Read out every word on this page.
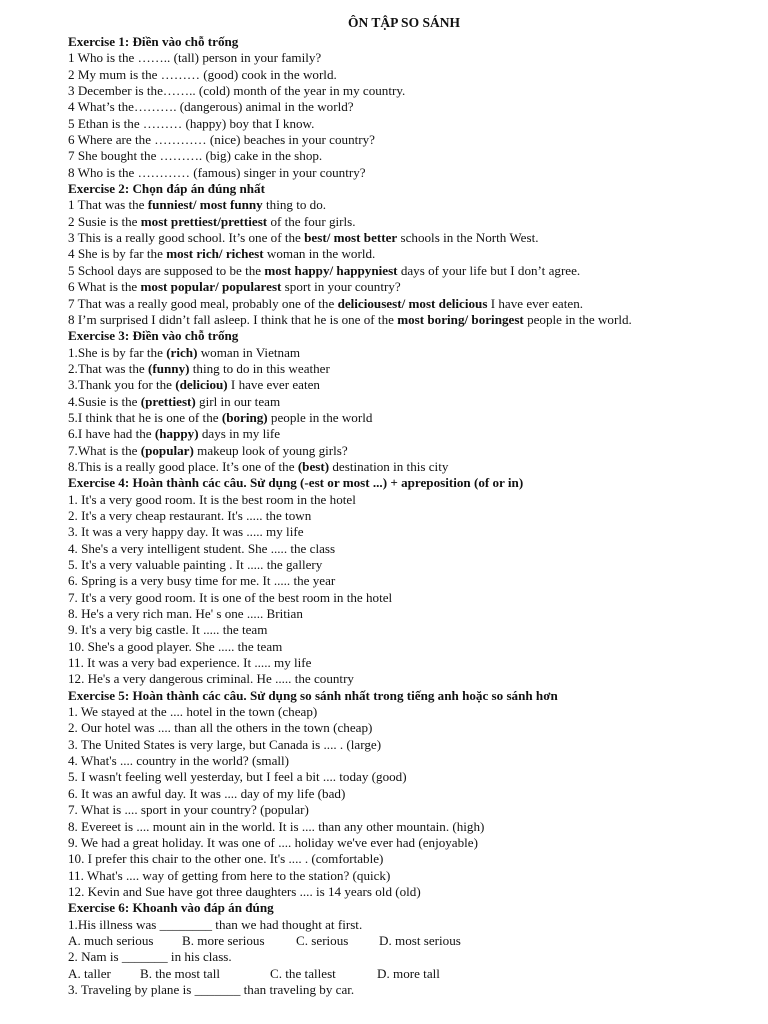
ÔN TẬP SO SÁNH
Exercise 1: Điền vào chỗ trống
1 Who is the …….. (tall) person in your family?
2 My mum is the ……… (good) cook in the world.
3 December is the…….. (cold) month of the year in my country.
4 What’s the………. (dangerous) animal in the world?
5 Ethan is the ……… (happy) boy that I know.
6 Where are the ………… (nice) beaches in your country?
7 She bought the ………. (big) cake in the shop.
8 Who is the ………… (famous) singer in your country?
Exercise 2: Chọn đáp án đúng nhất
1 That was the funniest/ most funny thing to do.
2 Susie is the most prettiest/prettiest of the four girls.
3 This is a really good school. It’s one of the best/ most better schools in the North West.
4 She is by far the most rich/ richest woman in the world.
5 School days are supposed to be the most happy/ happyniest days of your life but I don’t agree.
6 What is the most popular/ popularest sport in your country?
7 That was a really good meal, probably one of the deliciousest/ most delicious I have ever eaten.
8 I’m surprised I didn’t fall asleep. I think that he is one of the most boring/ boringest people in the world.
Exercise 3: Điền vào chỗ trống
1.She is by far the (rich) woman in Vietnam
2.That was the (funny) thing to do in this weather
3.Thank you for the (deliciou) I have ever eaten
4.Susie is the (prettiest) girl in our team
5.I think that he is one of the (boring) people in the world
6.I have had the (happy) days in my life
7.What is the (popular) makeup look of young girls?
8.This is a really good place. It’s one of the (best) destination in this city
Exercise 4: Hoàn thành các câu. Sử dụng (-est or most ...) + apreposition (of or in)
1. It's a very good room. It is the best room in the hotel
2. It's a very cheap restaurant. It's ..... the town
3. It was a very happy day. It was ..... my life
4. She's a very intelligent student. She ..... the class
5. It's a very valuable painting . It ..... the gallery
6. Spring is a very busy time for me. It ..... the year
7. It's a very good room. It is one of the best room in the hotel
8. He's a very rich man. He' s one ..... Britian
9. It's a very big castle. It ..... the team
10. She's a good player. She ..... the team
11. It was a very bad experience. It ..... my life
12. He's a very dangerous criminal. He ..... the country
Exercise 5: Hoàn thành các câu. Sử dụng so sánh nhất trong tiếng anh hoặc so sánh hơn
1. We stayed at the .... hotel in the town (cheap)
2. Our hotel was .... than all the others in the town (cheap)
3. The United States is very large, but Canada is .... . (large)
4. What's .... country in the world? (small)
5. I wasn't feeling well yesterday, but I feel a bit .... today (good)
6. It was an awful day. It was .... day of my life (bad)
7. What is .... sport in your country? (popular)
8. Evereet is .... mount ain in the world. It is .... than any other mountain. (high)
9. We had a great holiday. It was one of .... holiday we've ever had (enjoyable)
10. I prefer this chair to the other one. It's .... . (comfortable)
11. What's .... way of getting from here to the station? (quick)
12. Kevin and Sue have got three daughters .... is 14 years old (old)
Exercise 6: Khoanh vào đáp án đúng
1.His illness was ________ than we had thought at first.
A. much serious	B. more serious	C. serious	D. most serious
2. Nam is _______ in his class.
A. taller	B. the most tall	C. the tallest	D. more tall
3. Traveling by plane is _______ than traveling by car.
